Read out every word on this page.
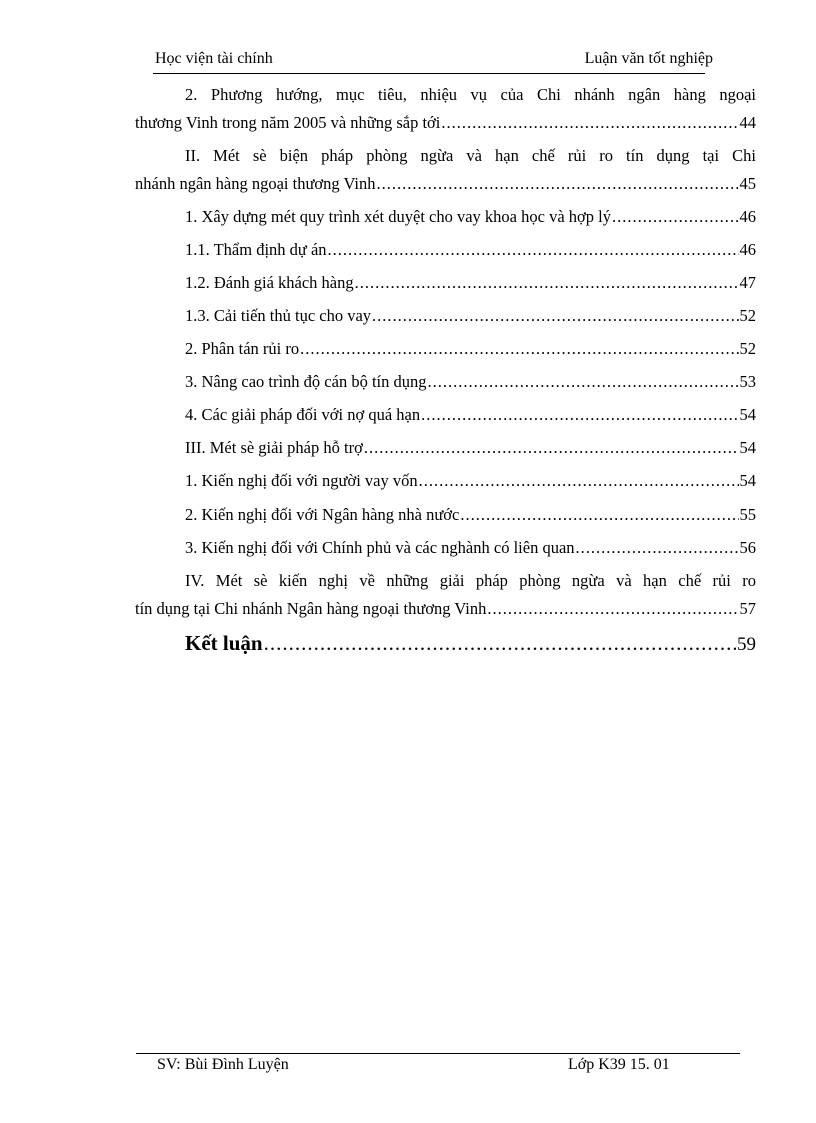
Học viện tài chính	Luận văn tốt nghiệp
2. Phương hướng, mục tiêu, nhiệu vụ của Chi nhánh ngân hàng ngoại
thương Vinh trong năm 2005 và những sắp tới .....	44
II. Mét sè biện pháp phòng ngừa và hạn chế rủi ro tín dụng tại Chi
nhánh ngân hàng ngoại thương Vinh .....	45
1. Xây dựng mét quy trình xét duyệt cho vay khoa học và hợp lý .....	46
1.1. Thẩm định dự án .....	46
1.2. Đánh giá khách hàng .....	47
1.3. Cải tiến thủ tục cho vay .....	52
2. Phân tán rủi ro .....	52
3. Nâng cao trình độ cán bộ tín dụng .....	53
4. Các giải pháp đối với nợ quá hạn .....	54
III. Mét sè giải pháp hỗ trợ .....	54
1. Kiến nghị đối với người vay vốn .....	54
2. Kiến nghị đối với Ngân hàng nhà nước .....	55
3. Kiến nghị đối với Chính phủ và các nghành có liên quan .....	56
IV. Mét sè kiến nghị về những giải pháp phòng ngừa và hạn chế rủi ro
tín dụng tại Chi nhánh Ngân hàng ngoại thương Vinh .....	57
Kết luận .....	59
SV: Bùi Đình Luyện	Lớp K39 15. 01
